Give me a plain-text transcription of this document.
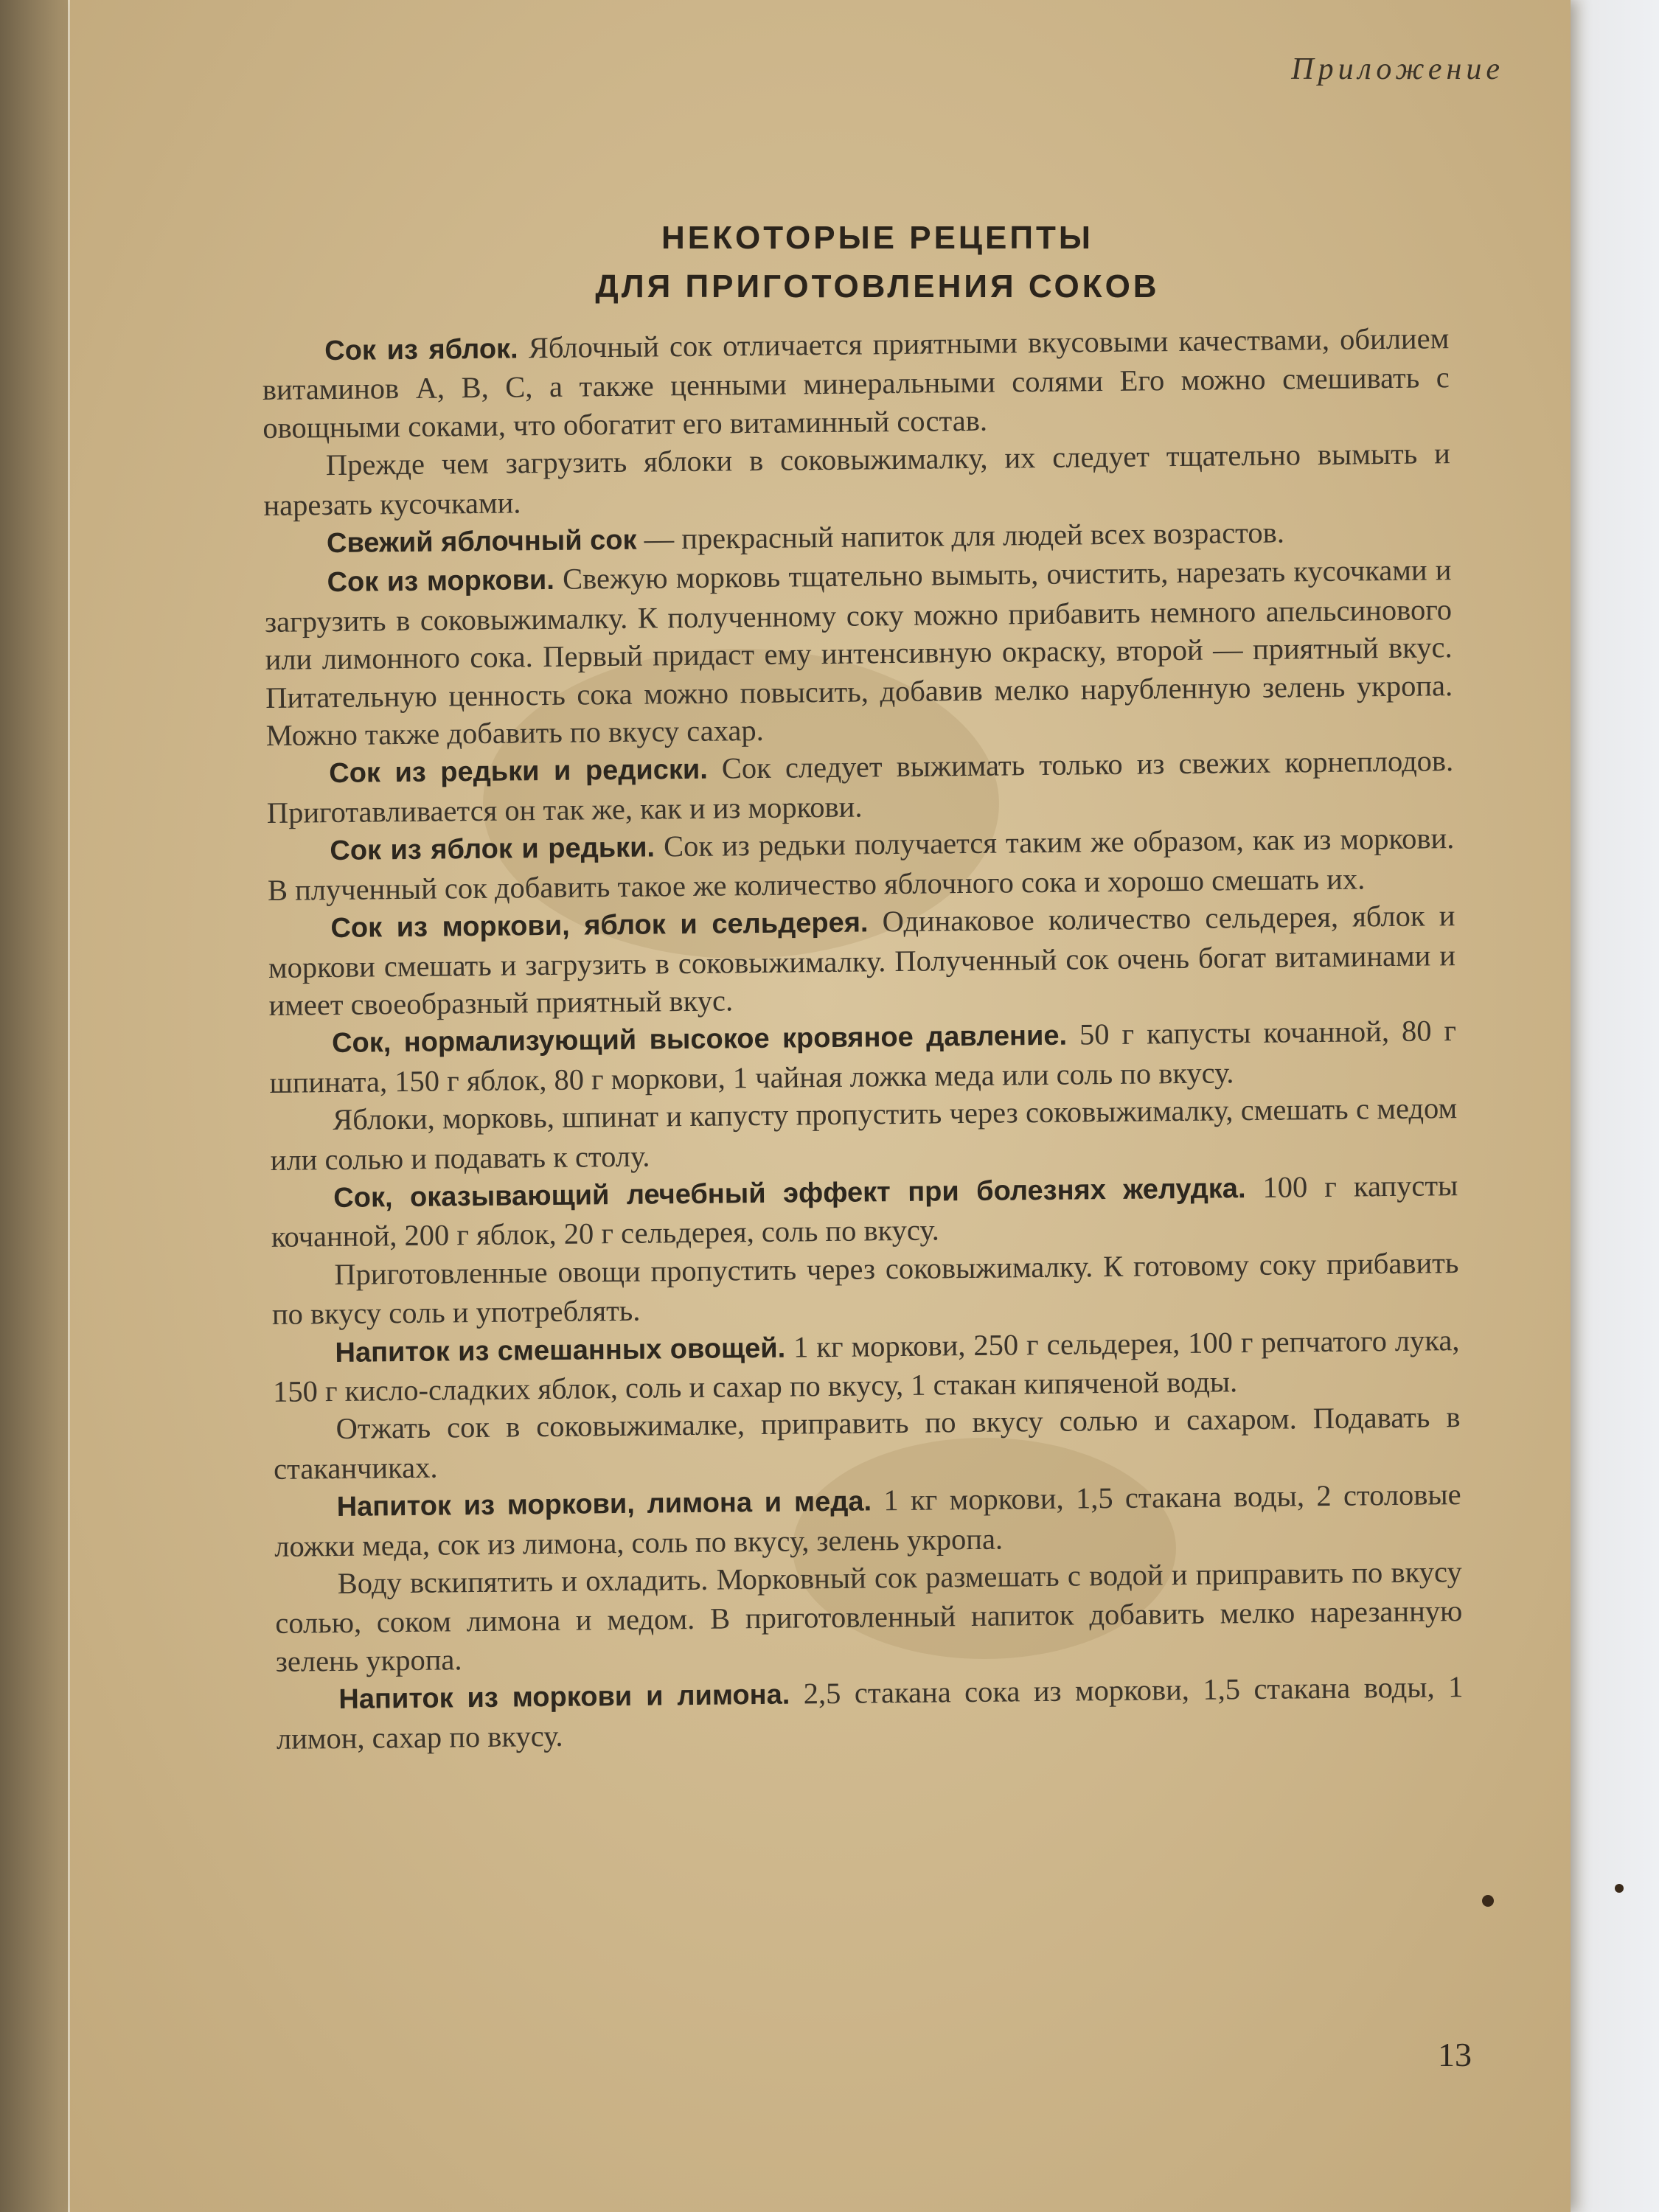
Приложение
НЕКОТОРЫЕ РЕЦЕПТЫ
ДЛЯ ПРИГОТОВЛЕНИЯ СОКОВ

Сок из яблок. Яблочный сок отличается приятными вкусовыми качествами, обилием витаминов А, В, С, а также ценными минеральными солями Его можно смешивать с овощными соками, что обогатит его витаминный состав.

Прежде чем загрузить яблоки в соковыжималку, их следует тщательно вымыть и нарезать кусочками.

Свежий яблочный сок — прекрасный напиток для людей всех возрастов.

Сок из моркови. Свежую морковь тщательно вымыть, очистить, нарезать кусочками и загрузить в соковыжималку. К полученному соку можно прибавить немного апельсинового или лимонного сока. Первый придаст ему интенсивную окраску, второй — приятный вкус. Питательную ценность сока можно повысить, добавив мелко нарубленную зелень укропа. Можно также добавить по вкусу сахар.

Сок из редьки и редиски. Сок следует выжимать только из свежих корнеплодов. Приготавливается он так же, как и из моркови.

Сок из яблок и редьки. Сок из редьки получается таким же образом, как из моркови. В плученный сок добавить такое же количество яблочного сока и хорошо смешать их.

Сок из моркови, яблок и сельдерея. Одинаковое количество сельдерея, яблок и моркови смешать и загрузить в соковыжималку. Полученный сок очень богат витаминами и имеет своеобразный приятный вкус.

Сок, нормализующий высокое кровяное давление. 50 г капусты кочанной, 80 г шпината, 150 г яблок, 80 г моркови, 1 чайная ложка меда или соль по вкусу.

Яблоки, морковь, шпинат и капусту пропустить через соковыжималку, смешать с медом или солью и подавать к столу.

Сок, оказывающий лечебный эффект при болезнях желудка. 100 г капусты кочанной, 200 г яблок, 20 г сельдерея, соль по вкусу.

Приготовленные овощи пропустить через соковыжималку. К готовому соку прибавить по вкусу соль и употреблять.

Напиток из смешанных овощей. 1 кг моркови, 250 г сельдерея, 100 г репчатого лука, 150 г кисло-сладких яблок, соль и сахар по вкусу, 1 стакан кипяченой воды.

Отжать сок в соковыжималке, приправить по вкусу солью и сахаром. Подавать в стаканчиках.

Напиток из моркови, лимона и меда. 1 кг моркови, 1,5 стакана воды, 2 столовые ложки меда, сок из лимона, соль по вкусу, зелень укропа.

Воду вскипятить и охладить. Морковный сок размешать с водой и приправить по вкусу солью, соком лимона и медом. В приготовленный напиток добавить мелко нарезанную зелень укропа.

Напиток из моркови и лимона. 2,5 стакана сока из моркови, 1,5 стакана воды, 1 лимон, сахар по вкусу.

13
